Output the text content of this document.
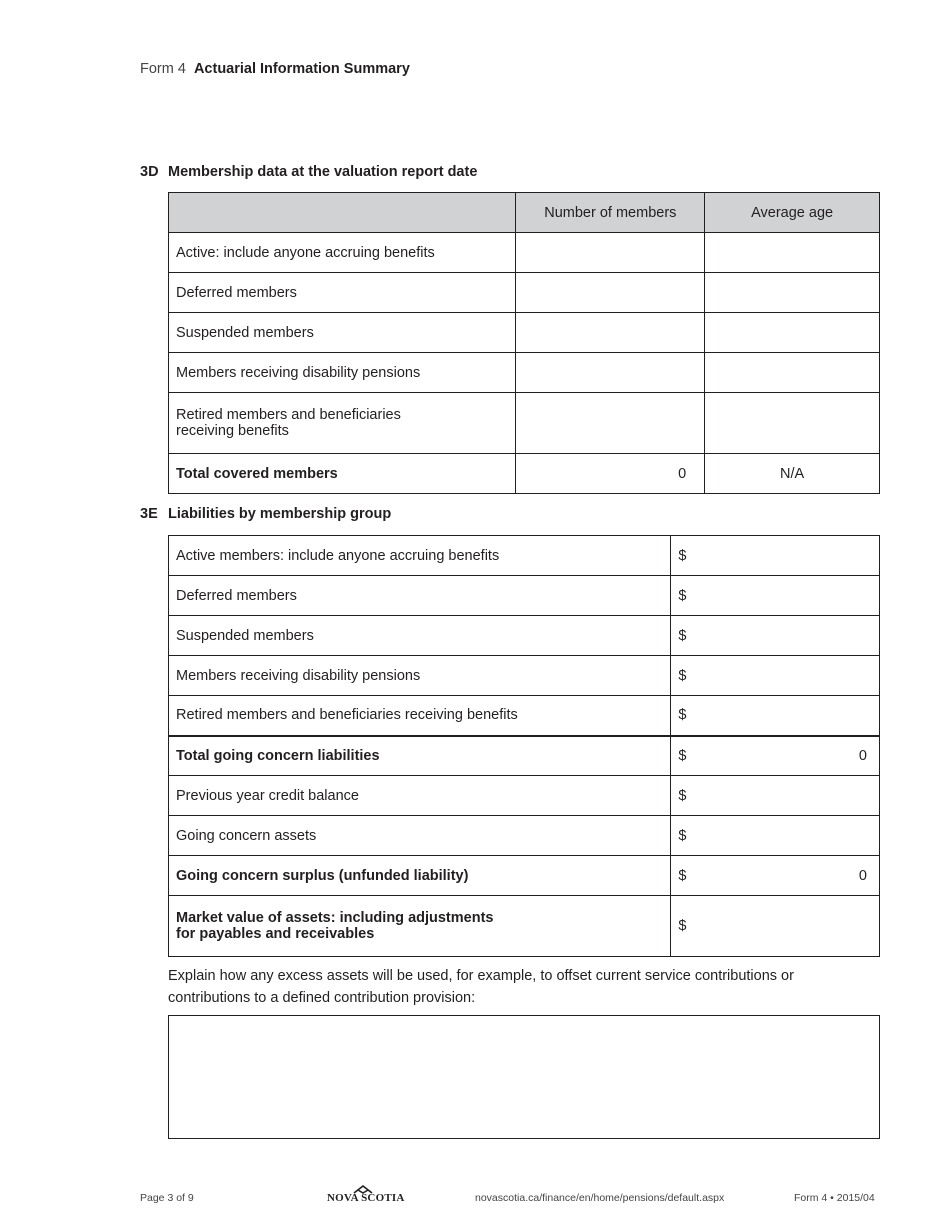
Form 4 Actuarial Information Summary
3D Membership data at the valuation report date
	Number of members	Average age
Active: include anyone accruing benefits		
Deferred members		
Suspended members		
Members receiving disability pensions		
Retired members and beneficiaries
receiving benefits		
Total covered members	0	N/A
3E Liabilities by membership group
Active members: include anyone accruing benefits	$

Deferred members	$

Suspended members	$

Members receiving disability pensions	$

Retired members and beneficiaries receiving benefits	$

Total going concern liabilities	$ 0

Previous year credit balance	$

Going concern assets	$

Going concern surplus (unfunded liability)	$ 0

Market value of assets: including adjustments
for payables and receivables	$
Explain how any excess assets will be used, for example, to offset current service contributions or contributions to a defined contribution provision:
Page 3 of 9	NOVA SCOTIA	novascotia.ca/finance/en/home/pensions/default.aspx	Form 4 • 2015/04
